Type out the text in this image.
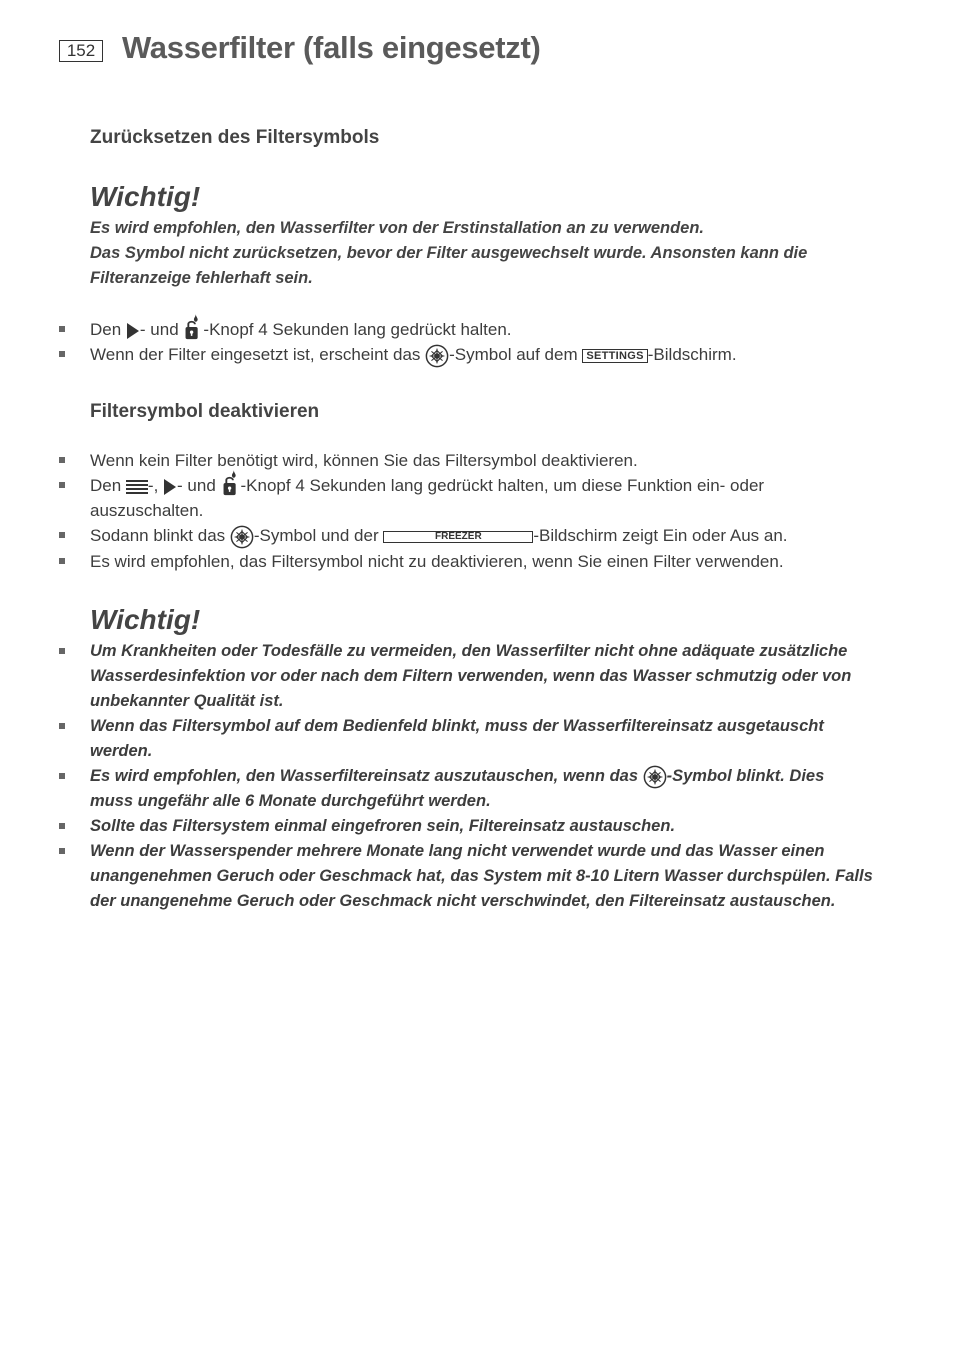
152 Wasserfilter (falls eingesetzt)
Zurücksetzen des Filtersymbols
Wichtig!
Es wird empfohlen, den Wasserfilter von der Erstinstallation an zu verwenden.
Das Symbol nicht zurücksetzen, bevor der Filter ausgewechselt wurde. Ansonsten kann die
Filteranzeige fehlerhaft sein.
Den - und -Knopf 4 Sekunden lang gedrückt halten.
Wenn der Filter eingesetzt ist, erscheint das -Symbol auf dem SETTINGS -Bildschirm.
Filtersymbol deaktivieren
Wenn kein Filter benötigt wird, können Sie das Filtersymbol deaktivieren.
Den -, - und -Knopf 4 Sekunden lang gedrückt halten, um diese Funktion ein- oder
auszuschalten.
Sodann blinkt das -Symbol und der	FREEZER	-Bildschirm zeigt Ein oder Aus an.
Es wird empfohlen, das Filtersymbol nicht zu deaktivieren, wenn Sie einen Filter verwenden.
Wichtig!
Um Krankheiten oder Todesfälle zu vermeiden, den Wasserfilter nicht ohne adäquate zusätzliche
Wasserdesinfektion vor oder nach dem Filtern verwenden, wenn das Wasser schmutzig oder von
unbekannter Qualität ist.
Wenn das Filtersymbol auf dem Bedienfeld blinkt, muss der Wasserfiltereinsatz ausgetauscht
werden.
Es wird empfohlen, den Wasserfiltereinsatz auszutauschen, wenn das -Symbol blinkt. Dies
muss ungefähr alle 6 Monate durchgeführt werden.
Sollte das Filtersystem einmal eingefroren sein, Filtereinsatz austauschen.
Wenn der Wasserspender mehrere Monate lang nicht verwendet wurde und das Wasser einen
unangenehmen Geruch oder Geschmack hat, das System mit 8-10 Litern Wasser durchspülen. Falls
der unangenehme Geruch oder Geschmack nicht verschwindet, den Filtereinsatz austauschen.
